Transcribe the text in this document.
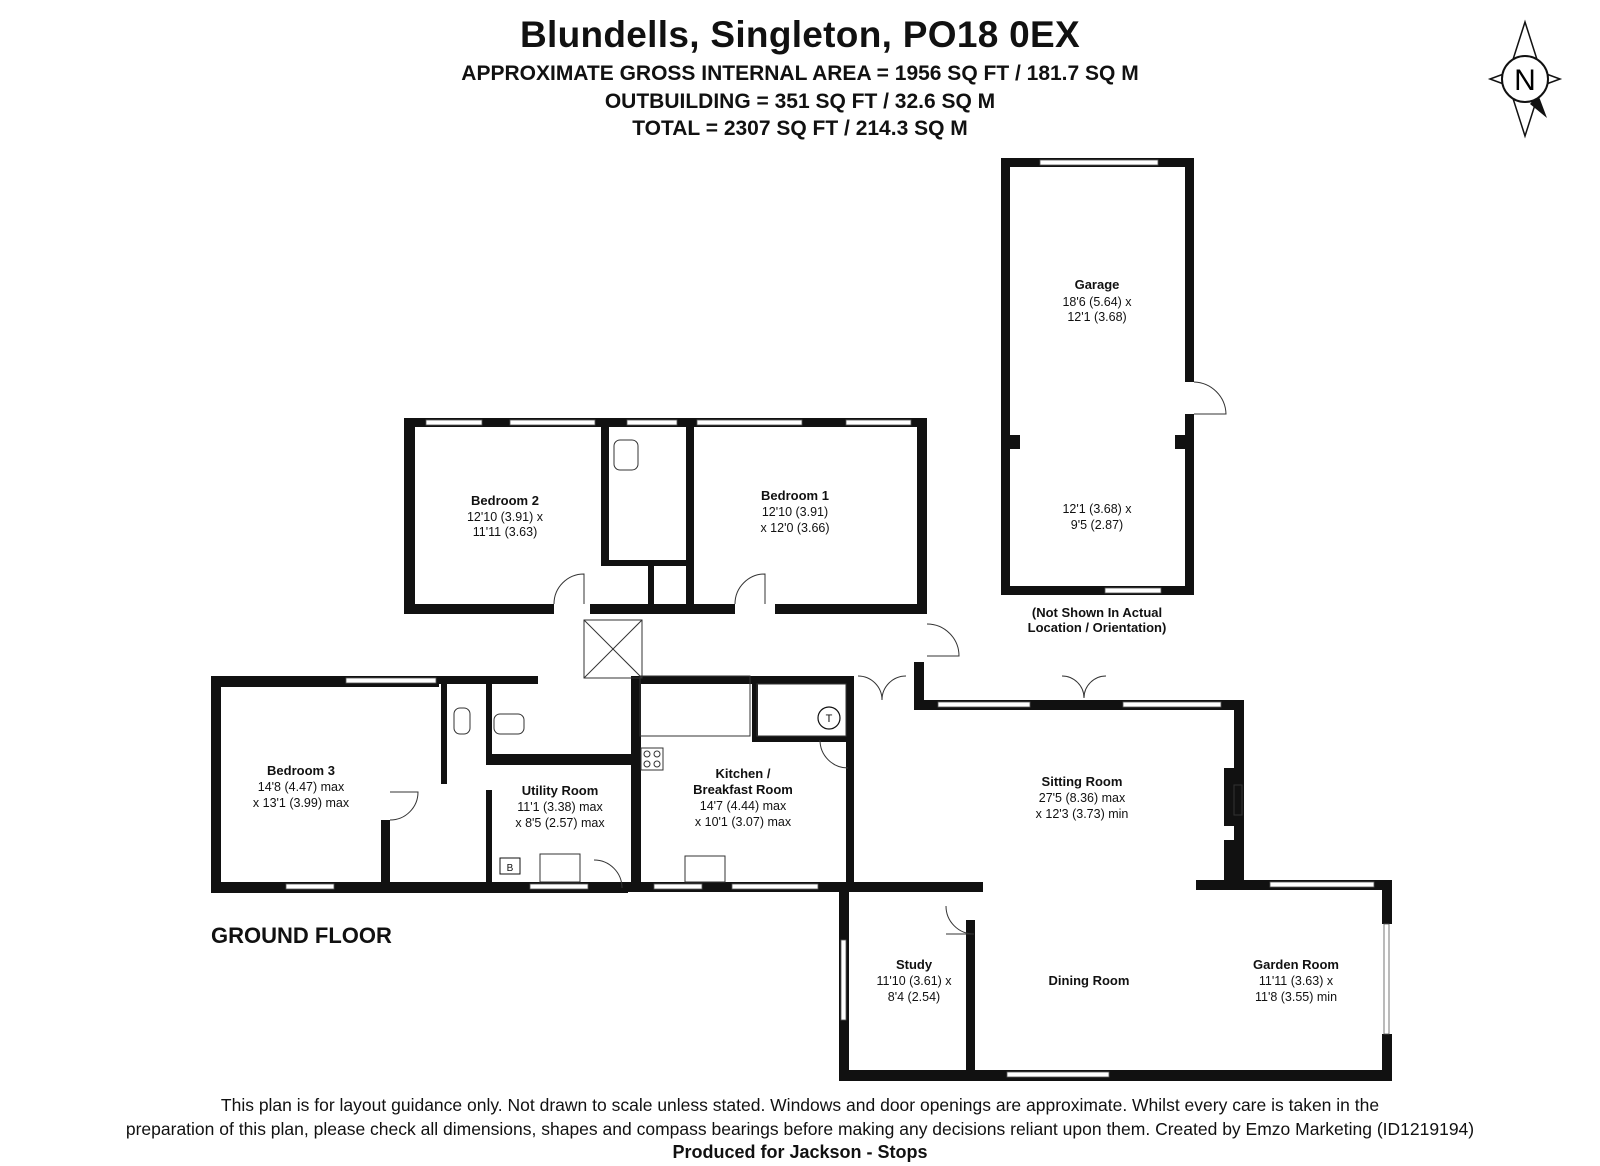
Blundells, Singleton, PO18 0EX
APPROXIMATE GROSS INTERNAL AREA = 1956 SQ FT / 181.7 SQ M
OUTBUILDING = 351 SQ FT / 32.6 SQ M
TOTAL = 2307 SQ FT / 214.3 SQ M
N
B
T
Garage
18'6 (5.64) x
12'1 (3.68)
12'1 (3.68) x
9'5 (2.87)
(Not Shown In Actual
Location / Orientation)
Bedroom 2
12'10 (3.91) x
11'11 (3.63)
Bedroom 1
12'10 (3.91)
x 12'0 (3.66)
Bedroom 3
14'8 (4.47) max
x 13'1 (3.99) max
Utility Room
11'1 (3.38) max
x 8'5 (2.57) max
Kitchen /
Breakfast Room
14'7 (4.44) max
x 10'1 (3.07) max
Sitting Room
27'5 (8.36) max
x 12'3 (3.73) min
Study
11'10 (3.61) x
8'4 (2.54)
Dining Room
Garden Room
11'11 (3.63) x
11'8 (3.55) min
GROUND FLOOR
This plan is for layout guidance only. Not drawn to scale unless stated. Windows and door openings are approximate. Whilst every care is taken in the
preparation of this plan, please check all dimensions, shapes and compass bearings before making any decisions reliant upon them. Created by Emzo Marketing (ID1219194)
Produced for Jackson - Stops
